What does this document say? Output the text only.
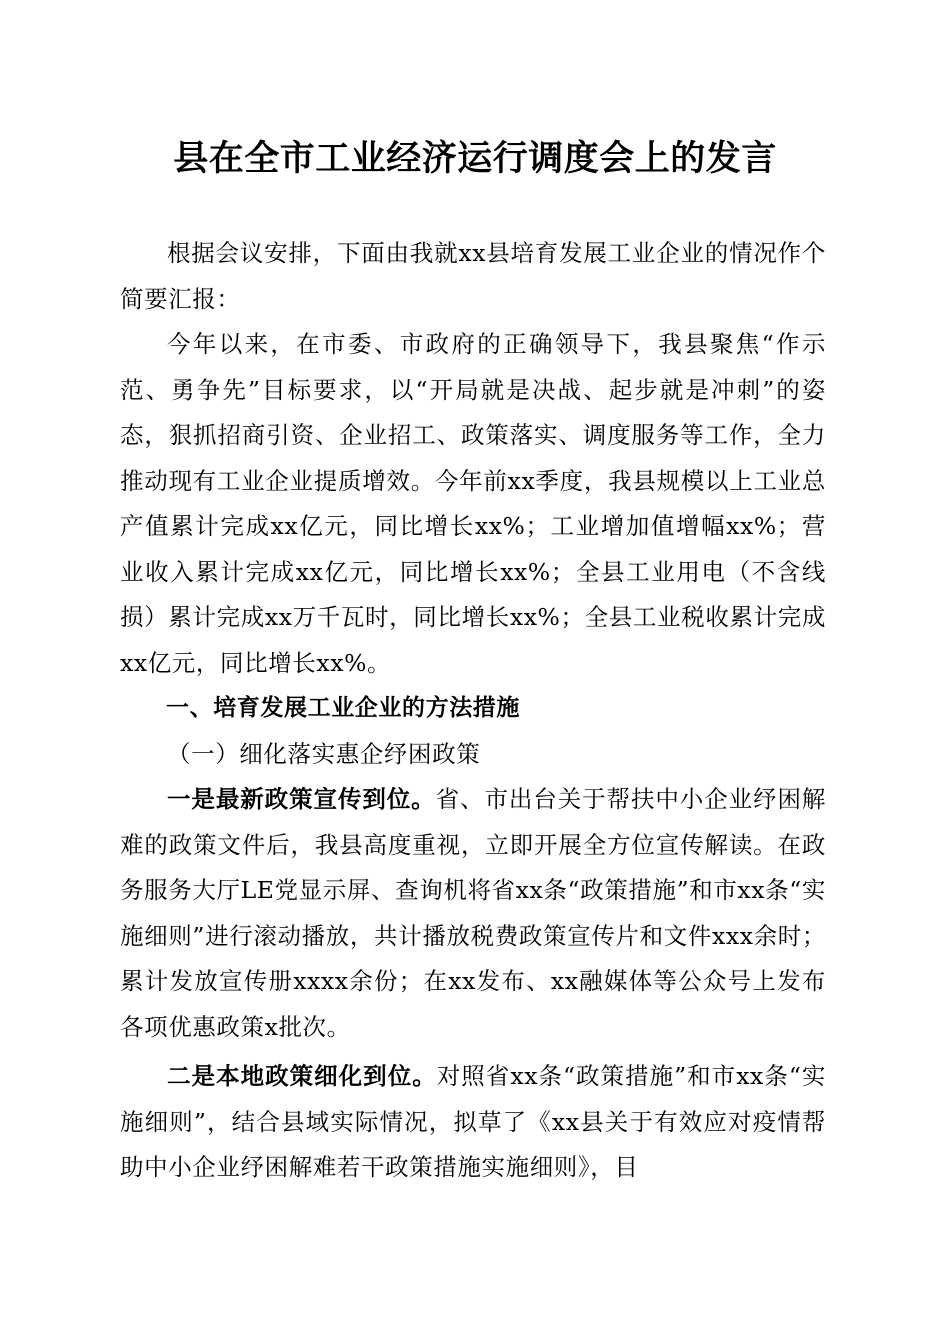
县在全市工业经济运行调度会上的发言

根据会议安排，下面由我就xx县培育发展工业企业的情况作个简要汇报：

今年以来，在市委、市政府的正确领导下，我县聚焦“作示范、勇争先”目标要求，以“开局就是决战、起步就是冲刺”的姿态，狠抓招商引资、企业招工、政策落实、调度服务等工作，全力推动现有工业企业提质增效。今年前xx季度，我县规模以上工业总产值累计完成xx亿元，同比增长xx%；工业增加值增幅xx%；营业收入累计完成xx亿元，同比增长xx%；全县工业用电（不含线损）累计完成xx万千瓦时，同比增长xx%；全县工业税收累计完成xx亿元，同比增长xx%。

一、培育发展工业企业的方法措施

（一）细化落实惠企纾困政策

一是最新政策宣传到位。省、市出台关于帮扶中小企业纾困解难的政策文件后，我县高度重视，立即开展全方位宣传解读。在政务服务大厅LE党显示屏、查询机将省xx条“政策措施”和市xx条“实施细则”进行滚动播放，共计播放税费政策宣传片和文件xxx余时；累计发放宣传册xxxx余份；在xx发布、xx融媒体等公众号上发布各项优惠政策x批次。

二是本地政策细化到位。对照省xx条“政策措施”和市xx条“实施细则”，结合县域实际情况，拟草了《xx县关于有效应对疫情帮助中小企业纾困解难若干政策措施实施细则》，目
